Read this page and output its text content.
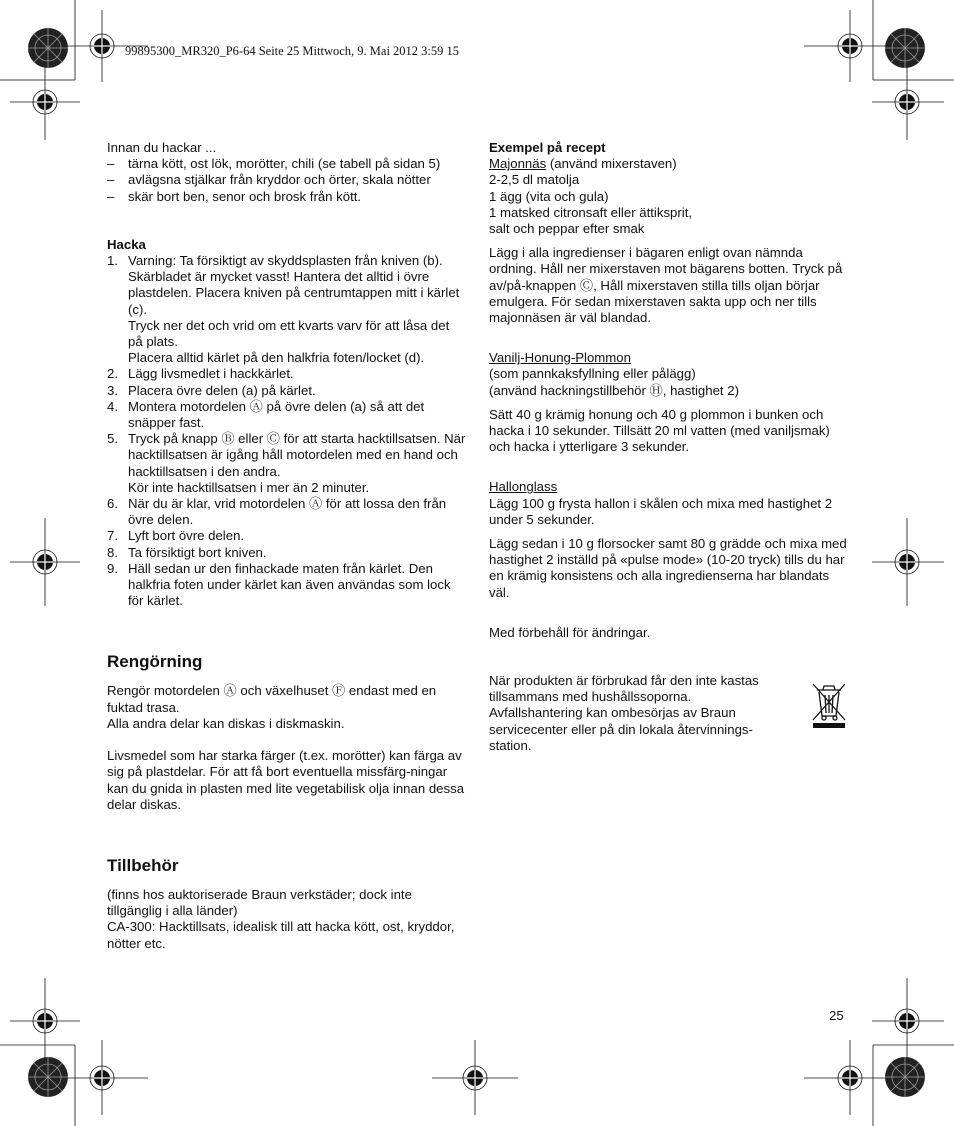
99895300_MR320_P6-64 Seite 25 Mittwoch, 9. Mai 2012 3:59 15

Innan du hackar ...

– tärna kött, ost lök, morötter, chili (se tabell på sidan 5)
– avlägsna stjälkar från kryddor och örter, skala nötter
– skär bort ben, senor och brosk från kött.

Hacka

1. Varning: Ta försiktigt av skyddsplasten från kniven (b). Skärbladet är mycket vasst! Hantera det alltid i övre plastdelen. Placera kniven på centrumtappen mitt i kärlet (c).
Tryck ner det och vrid om ett kvarts varv för att låsa det på plats.
Placera alltid kärlet på den halkfria foten/locket (d).
2. Lägg livsmedlet i hackkärlet.
3. Placera övre delen (a) på kärlet.
4. Montera motordelen Ⓐ på övre delen (a) så att det snäpper fast.
5. Tryck på knapp Ⓑ eller Ⓒ för att starta hacktillsatsen. När hacktillsatsen är igång håll motordelen med en hand och hacktillsatsen i den andra.
Kör inte hacktillsatsen i mer än 2 minuter.
6. När du är klar, vrid motordelen Ⓐ för att lossa den från övre delen.
7. Lyft bort övre delen.
8. Ta försiktigt bort kniven.
9. Häll sedan ur den finhackade maten från kärlet. Den halkfria foten under kärlet kan även användas som lock för kärlet.
Rengörning

Rengör motordelen Ⓐ och växelhuset Ⓕ endast med en fuktad trasa.

Alla andra delar kan diskas i diskmaskin.

Livsmedel som har starka färger (t.ex. morötter) kan färga av sig på plastdelar. För att få bort eventuella missfärg-ningar kan du gnida in plasten med lite vegetabilisk olja innan dessa delar diskas.

Tillbehör

(finns hos auktoriserade Braun verkstäder; dock inte tillgänglig i alla länder)

CA-300: Hacktillsats, idealisk till att hacka kött, ost, kryddor, nötter etc.

Exempel på recept

Majonnäs (använd mixerstaven)

2-2,5 dl matolja

1 ägg (vita och gula)

1 matsked citronsaft eller ättiksprit,

salt och peppar efter smak

Lägg i alla ingredienser i bägaren enligt ovan nämnda ordning. Håll ner mixerstaven mot bägarens botten. Tryck på av/på-knappen Ⓒ, Håll mixerstaven stilla tills oljan börjar emulgera. För sedan mixerstaven sakta upp och ner tills majonnäsen är väl blandad.

Vanilj-Honung-Plommon

(som pannkaksfyllning eller pålägg)

(använd hackningstillbehör Ⓗ, hastighet 2)

Sätt 40 g krämig honung och 40 g plommon i bunken och hacka i 10 sekunder. Tillsätt 20 ml vatten (med vaniljsmak) och hacka i ytterligare 3 sekunder.

Hallonglass

Lägg 100 g frysta hallon i skålen och mixa med hastighet 2 under 5 sekunder.

Lägg sedan i 10 g florsocker samt 80 g grädde och mixa med hastighet 2 inställd på «pulse mode» (10-20 tryck) tills du har en krämig konsistens och alla ingredienserna har blandats väl.

Med förbehåll för ändringar.

När produkten är förbrukad får den inte kastas tillsammans med hushållssoporna. Avfallshantering kan ombesörjas av Braun servicecenter eller på din lokala återvinnings-station.

25
